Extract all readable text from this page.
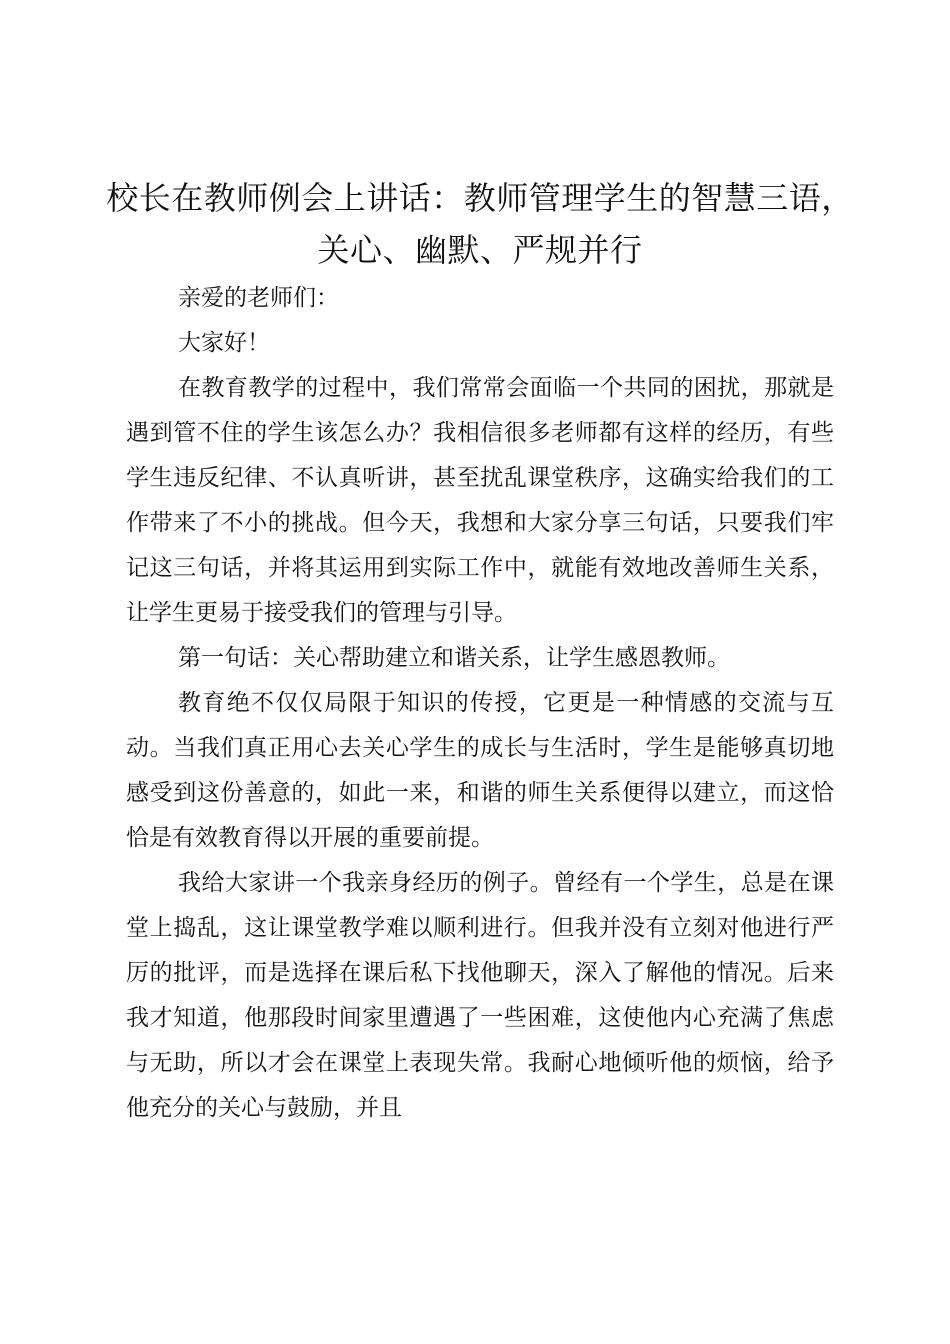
校长在教师例会上讲话：教师管理学生的智慧三语，关心、幽默、严规并行

亲爱的老师们：

大家好！

在教育教学的过程中，我们常常会面临一个共同的困扰，那就是遇到管不住的学生该怎么办？我相信很多老师都有这样的经历，有些学生违反纪律、不认真听讲，甚至扰乱课堂秩序，这确实给我们的工作带来了不小的挑战。但今天，我想和大家分享三句话，只要我们牢记这三句话，并将其运用到实际工作中，就能有效地改善师生关系，让学生更易于接受我们的管理与引导。

第一句话：关心帮助建立和谐关系，让学生感恩教师。

教育绝不仅仅局限于知识的传授，它更是一种情感的交流与互动。当我们真正用心去关心学生的成长与生活时，学生是能够真切地感受到这份善意的，如此一来，和谐的师生关系便得以建立，而这恰恰是有效教育得以开展的重要前提。

我给大家讲一个我亲身经历的例子。曾经有一个学生，总是在课堂上捣乱，这让课堂教学难以顺利进行。但我并没有立刻对他进行严厉的批评，而是选择在课后私下找他聊天，深入了解他的情况。后来我才知道，他那段时间家里遭遇了一些困难，这使他内心充满了焦虑与无助，所以才会在课堂上表现失常。我耐心地倾听他的烦恼，给予他充分的关心与鼓励，并且
